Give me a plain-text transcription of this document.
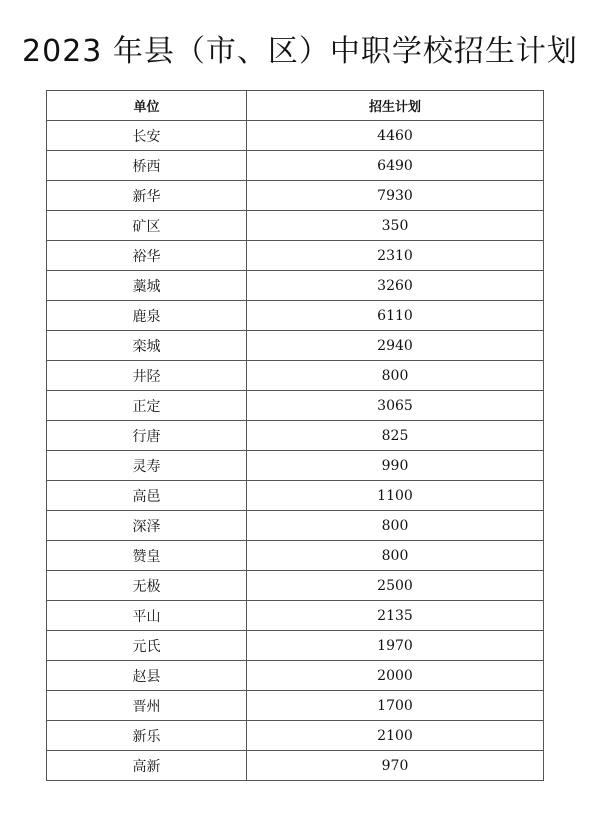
2023 年县（市、区）中职学校招生计划
单位	招生计划
长安	4460
桥西	6490
新华	7930
矿区	350
裕华	2310
藁城	3260
鹿泉	6110
栾城	2940
井陉	800
正定	3065
行唐	825
灵寿	990
高邑	1100
深泽	800
赞皇	800
无极	2500
平山	2135
元氏	1970
赵县	2000
晋州	1700
新乐	2100
高新	970
